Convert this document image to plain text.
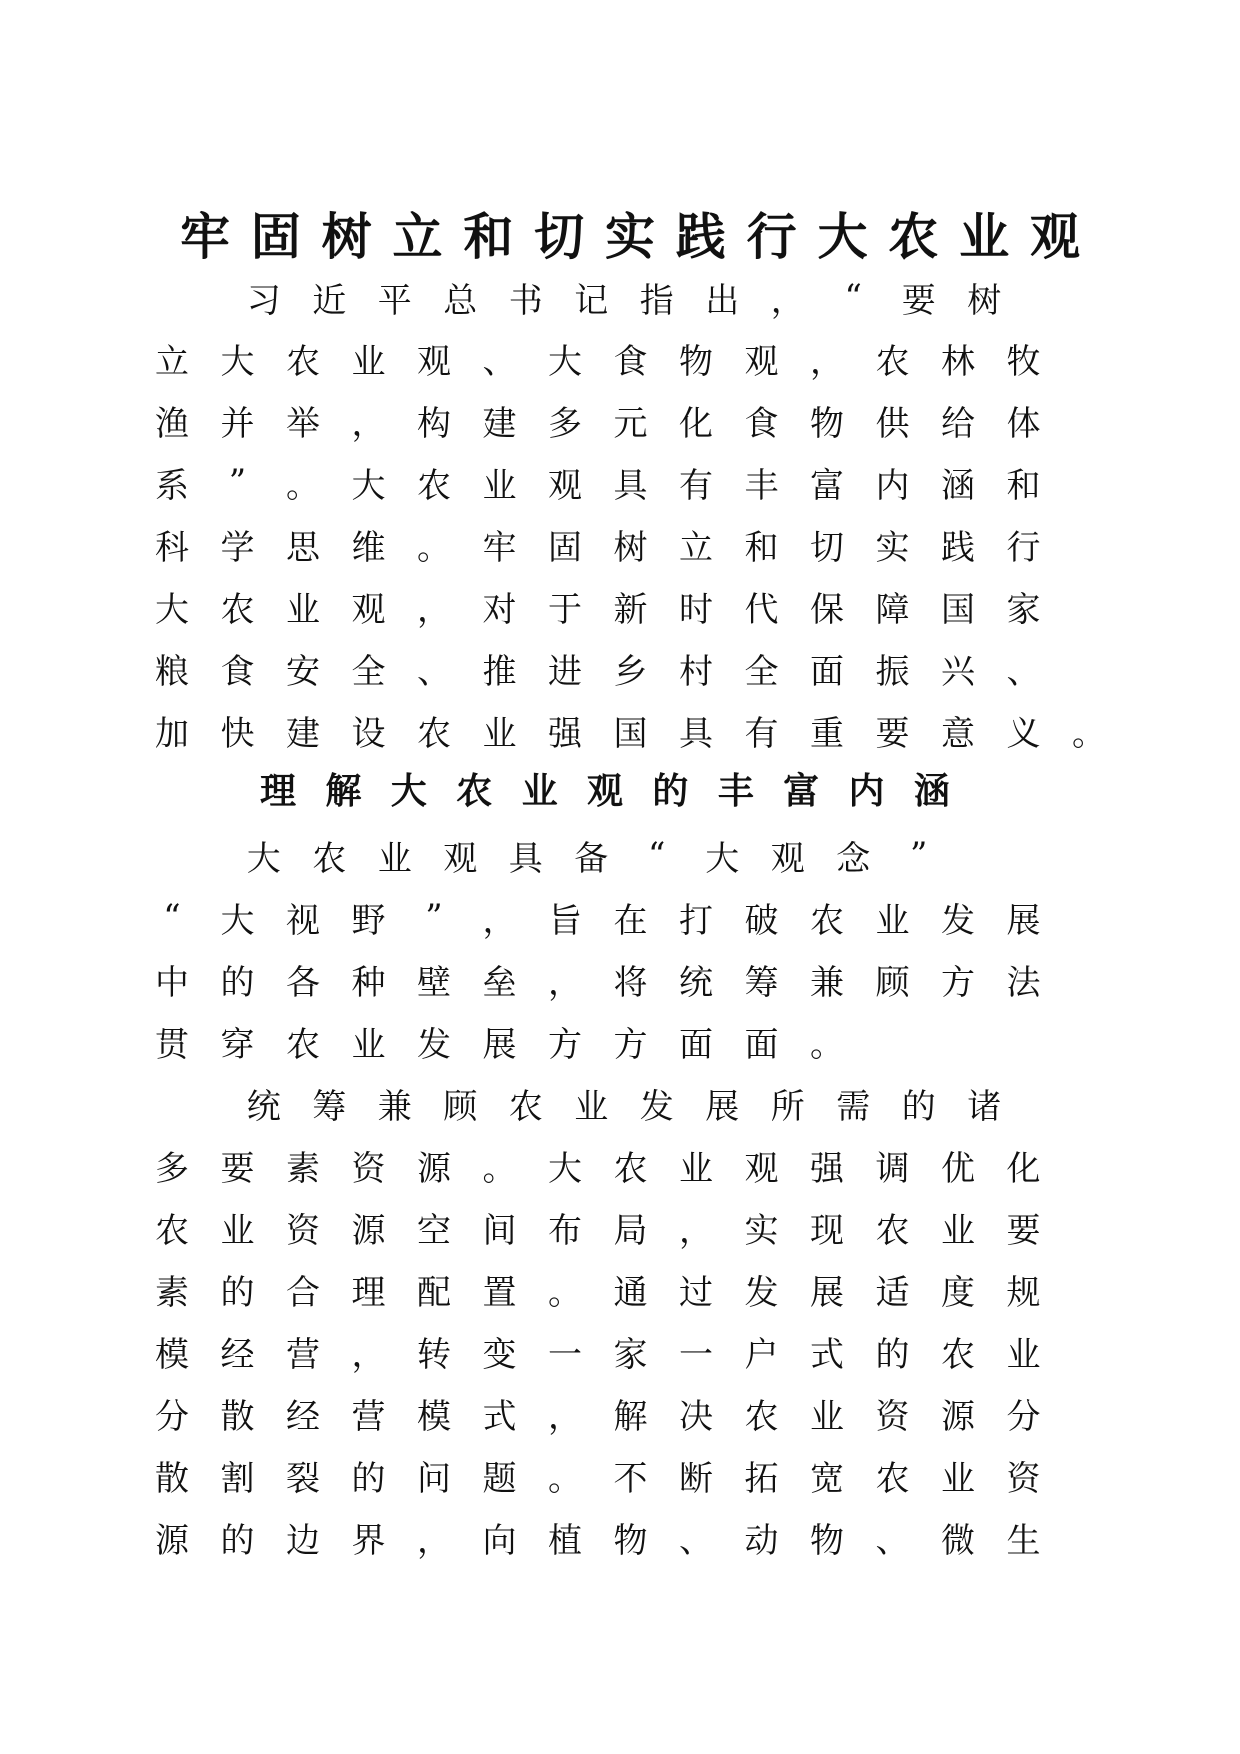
牢 固 树 立 和 切 实 践 行 大 农 业 观
习 近 平 总 书 记 指 出 ，	“	要 树
立 大 农 业 观 、 大 食 物 观 ， 农 林 牧
渔 并 举 ， 构 建 多 元 化 食 物 供 给 体
系	”	。 大 农 业 观 具 有 丰 富 内 涵 和
科 学 思 维 。 牢 固 树 立 和 切 实 践 行
大 农 业 观 ， 对 于 新 时 代 保 障 国 家
粮 食 安 全 、 推 进 乡 村 全 面 振 兴 、
加 快 建 设 农 业 强 国 具 有 重 要 意 义 。
大 农 业 观 具 备	“	大 观 念	”
“	大 视 野	”	， 旨 在 打 破 农 业 发 展
中 的 各 种 壁 垒 ， 将 统 筹 兼 顾 方 法
贯 穿 农 业 发 展 方 方 面 面 。
统 筹 兼 顾 农 业 发 展 所 需 的 诸
多 要 素 资 源 。 大 农 业 观 强 调 优 化
农 业 资 源 空 间 布 局 ， 实 现 农 业 要
素 的 合 理 配 置 。 通 过 发 展 适 度 规
模 经 营 ， 转 变 一 家 一 户 式 的 农 业
分 散 经 营 模 式 ， 解 决 农 业 资 源 分
散 割 裂 的 问 题 。 不 断 拓 宽 农 业 资
源 的 边 界 ， 向 植 物 、 动 物 、 微 生
理 解 大 农 业 观 的 丰 富 内 涵
